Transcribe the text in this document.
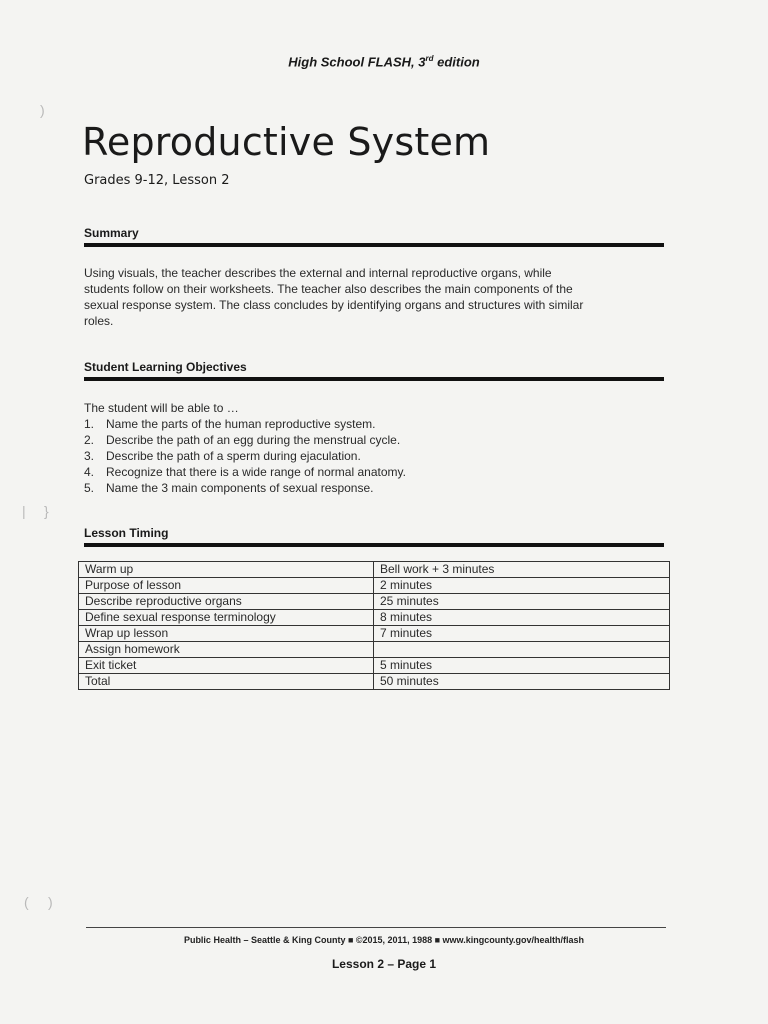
High School FLASH, 3rd edition
Reproductive System
Grades 9-12, Lesson 2
Summary
Using visuals, the teacher describes the external and internal reproductive organs, while
students follow on their worksheets. The teacher also describes the main components of the
sexual response system. The class concludes by identifying organs and structures with similar
roles.
Student Learning Objectives
The student will be able to …
1. Name the parts of the human reproductive system.
2. Describe the path of an egg during the menstrual cycle.
3. Describe the path of a sperm during ejaculation.
4. Recognize that there is a wide range of normal anatomy.
5. Name the 3 main components of sexual response.
Lesson Timing
Warm up	Bell work + 3 minutes
Purpose of lesson	2 minutes
Describe reproductive organs	25 minutes
Define sexual response terminology	8 minutes
Wrap up lesson	7 minutes
Assign homework	
Exit ticket	5 minutes
Total	50 minutes
Public Health – Seattle & King County ■ ©2015, 2011, 1988 ■ www.kingcounty.gov/health/flash
Lesson 2 – Page 1
)
| }
( )
